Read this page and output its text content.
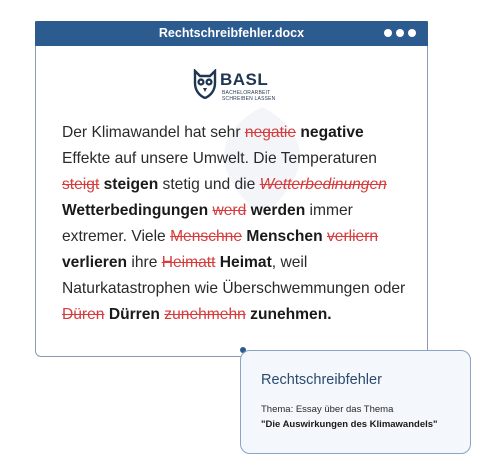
Rechtschreibfehler.docx
BASL
BACHELORARBEIT
SCHREIBEN LASSEN
Der Klimawandel hat sehr negatie negative Effekte auf unsere Umwelt. Die Temperaturen steigt steigen stetig und die Wetterbedinungen Wetterbedingungen werd werden immer extremer. Viele Menschne Menschen verliern verlieren ihre Heimatt Heimat, weil Naturkatastrophen wie Überschwemmungen oder Düren Dürren zunehmehn zunehmen.
Rechtschreibfehler
Thema: Essay über das Thema
"Die Auswirkungen des Klimawandels"
